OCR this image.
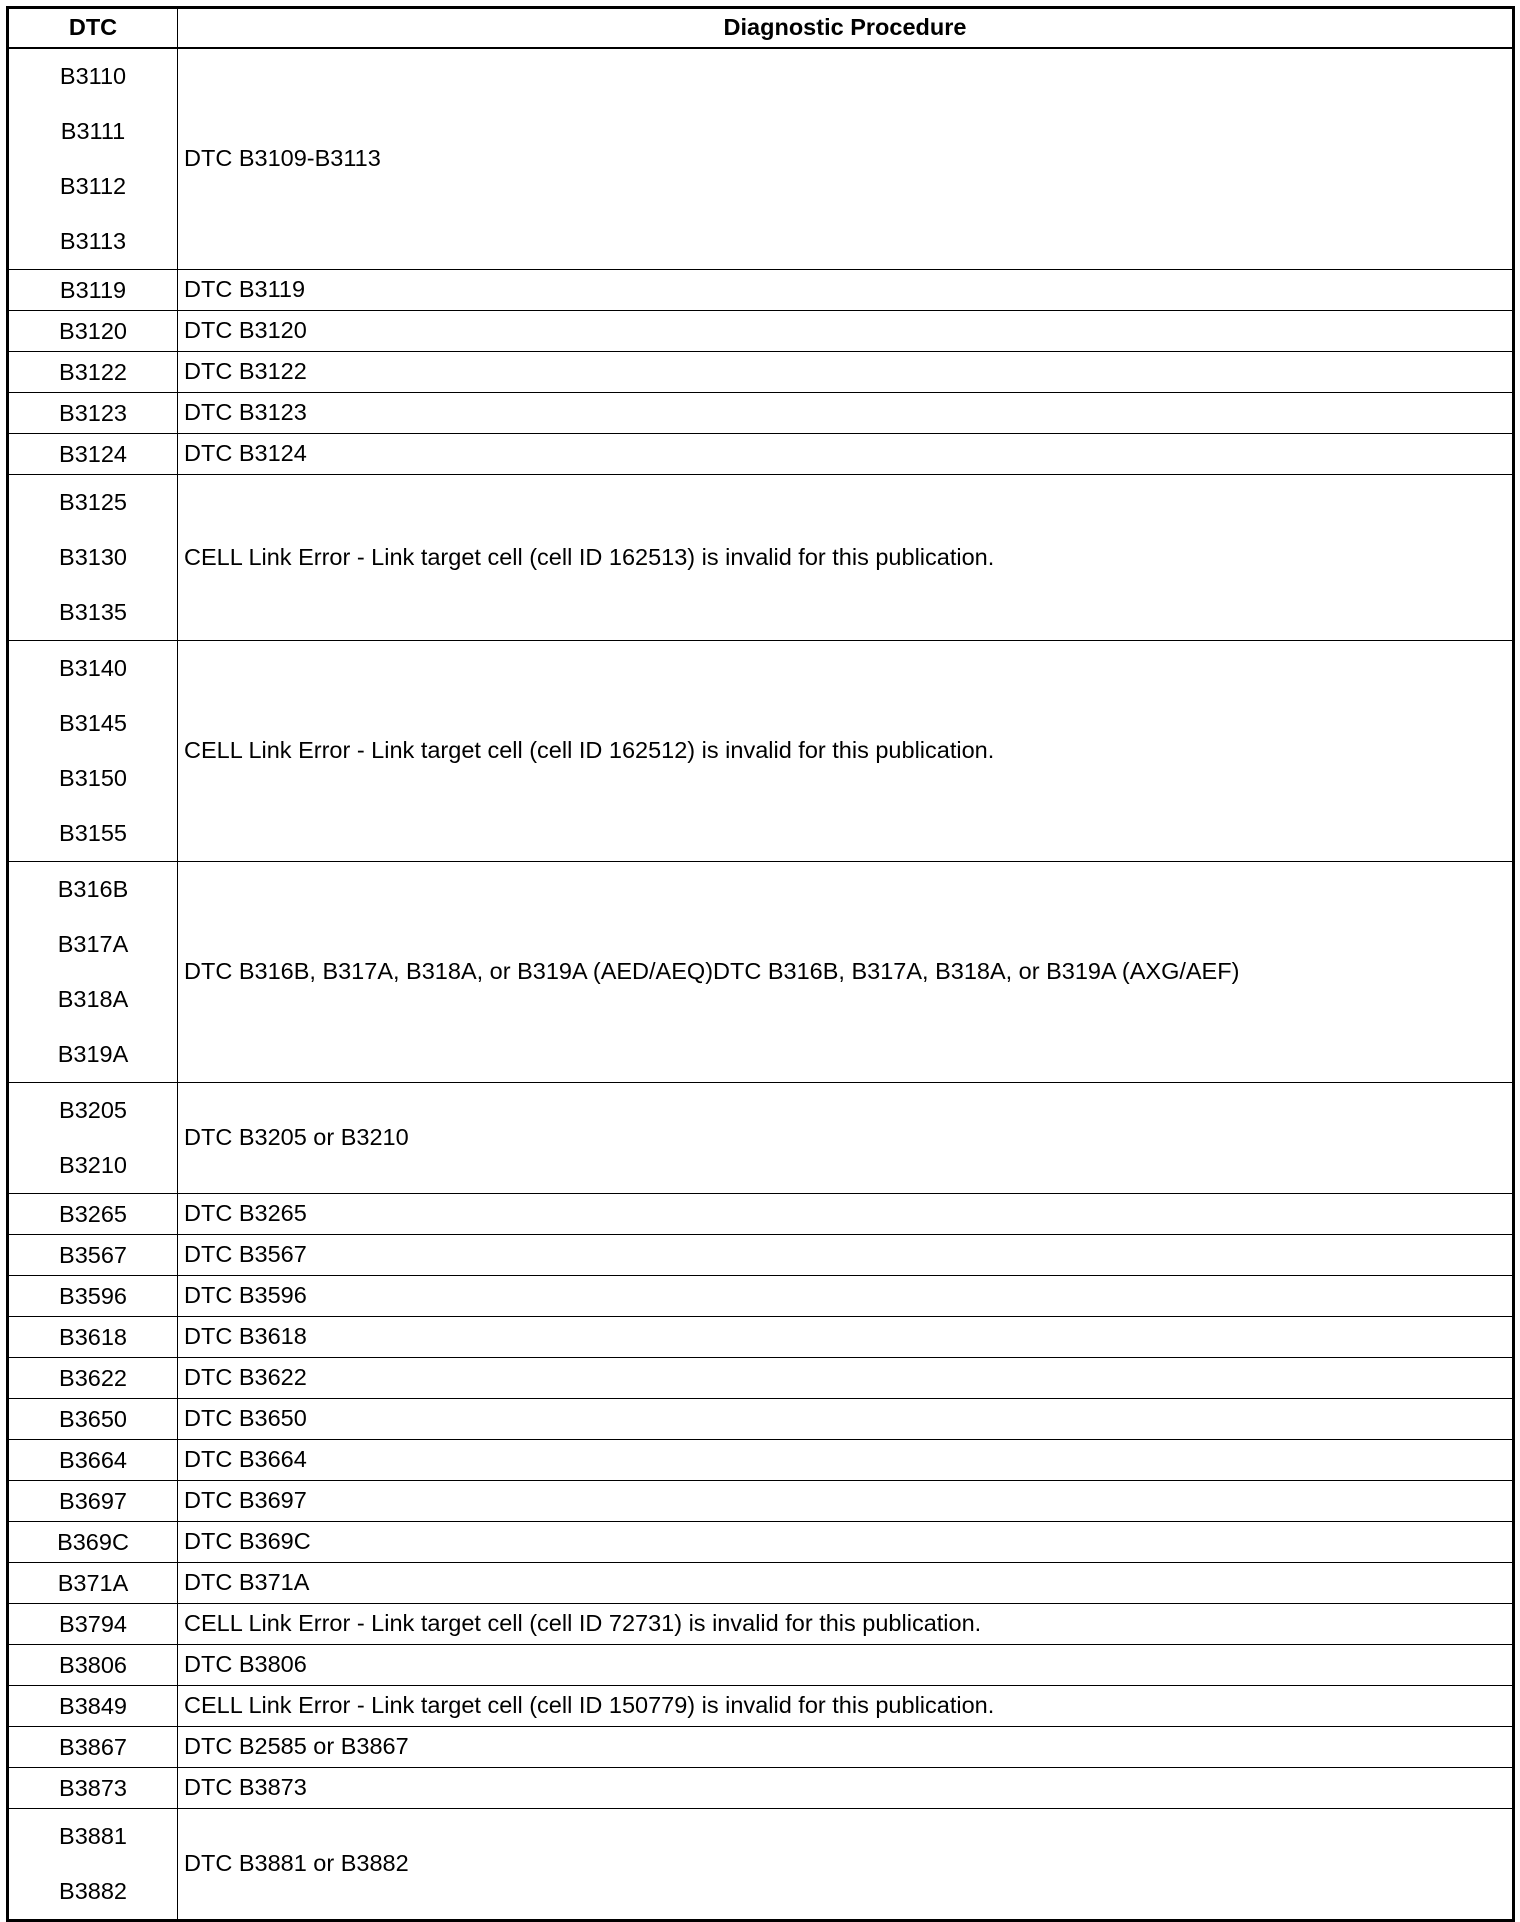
DTC	Diagnostic Procedure

B3110
B3111
B3112
B3113	DTC B3109-B3113

B3119	DTC B3119

B3120	DTC B3120

B3122	DTC B3122

B3123	DTC B3123

B3124	DTC B3124

B3125
B3130
B3135	CELL Link Error - Link target cell (cell ID 162513) is invalid for this publication.

B3140
B3145
B3150
B3155	CELL Link Error - Link target cell (cell ID 162512) is invalid for this publication.

B316B
B317A
B318A
B319A	DTC B316B, B317A, B318A, or B319A (AED/AEQ)DTC B316B, B317A, B318A, or B319A (AXG/AEF)

B3205
B3210	DTC B3205 or B3210

B3265	DTC B3265

B3567	DTC B3567

B3596	DTC B3596

B3618	DTC B3618

B3622	DTC B3622

B3650	DTC B3650

B3664	DTC B3664

B3697	DTC B3697

B369C	DTC B369C

B371A	DTC B371A

B3794	CELL Link Error - Link target cell (cell ID 72731) is invalid for this publication.

B3806	DTC B3806

B3849	CELL Link Error - Link target cell (cell ID 150779) is invalid for this publication.

B3867	DTC B2585 or B3867

B3873	DTC B3873

B3881
B3882	DTC B3881 or B3882
